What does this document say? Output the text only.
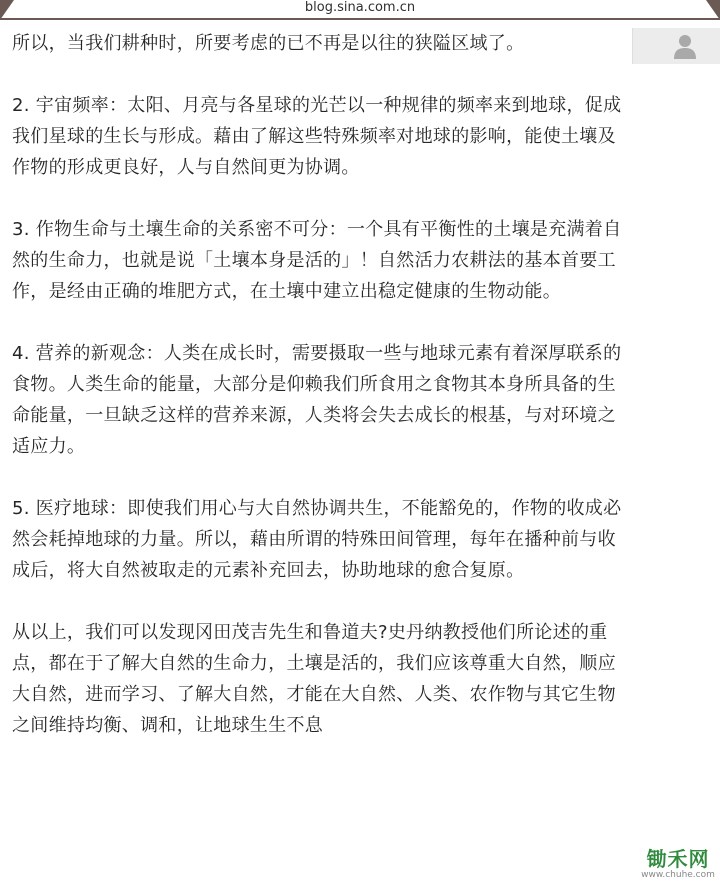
blog.sina.com.cn

所以，当我们耕种时，所要考虑的已不再是以往的狭隘区域了。

2. 宇宙频率：太阳、月亮与各星球的光芒以一种规律的频率来到地球，促成

我们星球的生长与形成。藉由了解这些特殊频率对地球的影响，能使土壤及

作物的形成更良好，人与自然间更为协调。

3. 作物生命与土壤生命的关系密不可分：一个具有平衡性的土壤是充满着自

然的生命力，也就是说「土壤本身是活的」！自然活力农耕法的基本首要工

作，是经由正确的堆肥方式，在土壤中建立出稳定健康的生物动能。

4. 营养的新观念：人类在成长时，需要摄取一些与地球元素有着深厚联系的

食物。人类生命的能量，大部分是仰赖我们所食用之食物其本身所具备的生

命能量，一旦缺乏这样的营养来源，人类将会失去成长的根基，与对环境之

适应力。

5. 医疗地球：即使我们用心与大自然协调共生，不能豁免的，作物的收成必

然会耗掉地球的力量。所以，藉由所谓的特殊田间管理，每年在播种前与收

成后，将大自然被取走的元素补充回去，协助地球的愈合复原。

从以上，我们可以发现冈田茂吉先生和鲁道夫?史丹纳教授他们所论述的重

点，都在于了解大自然的生命力，土壤是活的，我们应该尊重大自然，顺应

大自然，进而学习、了解大自然，才能在大自然、人类、农作物与其它生物

之间维持均衡、调和，让地球生生不息

锄禾网
www.chuhe.com
